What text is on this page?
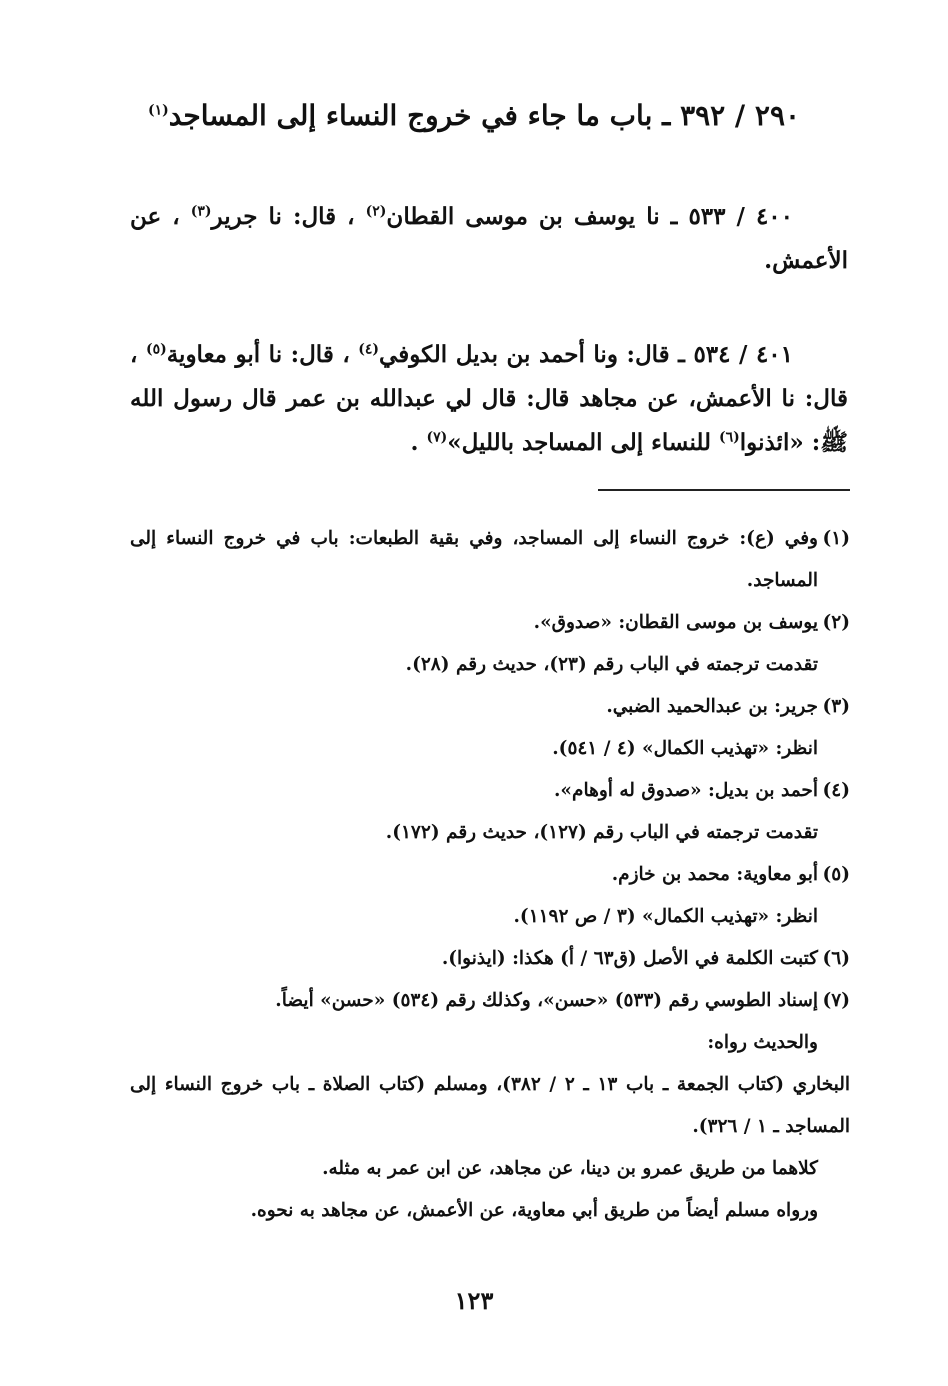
٢٩٠ / ٣٩٢ ـ باب ما جاء في خروج النساء إلى المساجد$^{(١)}$
٤٠٠ / ٥٣٣ ـ نا يوسف بن موسى القطان$^{(٢)}$ ، قال: نا جرير$^{(٣)}$ ، عن الأعمش.
٤٠١ / ٥٣٤ ـ قال: ونا أحمد بن بديل الكوفي$^{(٤)}$ ، قال: نا أبو معاوية$^{(٥)}$ ، قال: نا الأعمش، عن مجاهد قال: قال لي عبدالله بن عمر قال رسول الله ﷺ: «ائذنوا$^{(٦)}$ للنساء إلى المساجد بالليل»$^{(٧)}$ .

(١)
وفي (ع): خروج النساء إلى المساجد، وفي بقية الطبعات: باب في خروج النساء إلى المساجد.

(٢)
يوسف بن موسى القطان: «صدوق».

تقدمت ترجمته في الباب رقم (٢٣)، حديث رقم (٢٨).

(٣)
جرير: بن عبدالحميد الضبي.

انظر: «تهذيب الكمال» (٤ / ٥٤١).

(٤)
أحمد بن بديل: «صدوق له أوهام».

تقدمت ترجمته في الباب رقم (١٢٧)، حديث رقم (١٧٢).

(٥)
أبو معاوية: محمد بن خازم.

انظر: «تهذيب الكمال» (٣ / ص ١١٩٢).

(٦)
كتبت الكلمة في الأصل (ق٦٣ / أ) هكذا: (ايذنوا).

(٧)
إسناد الطوسي رقم (٥٣٣) «حسن»، وكذلك رقم (٥٣٤) «حسن» أيضاً.

والحديث رواه:

البخاري (كتاب الجمعة ـ باب ١٣ ـ ٢ / ٣٨٢)، ومسلم (كتاب الصلاة ـ باب خروج النساء إلى المساجد ـ ١ / ٣٢٦).

كلاهما من طريق عمرو بن دينا، عن مجاهد، عن ابن عمر به مثله.

ورواه مسلم أيضاً من طريق أبي معاوية، عن الأعمش، عن مجاهد به نحوه.

١٢٣
